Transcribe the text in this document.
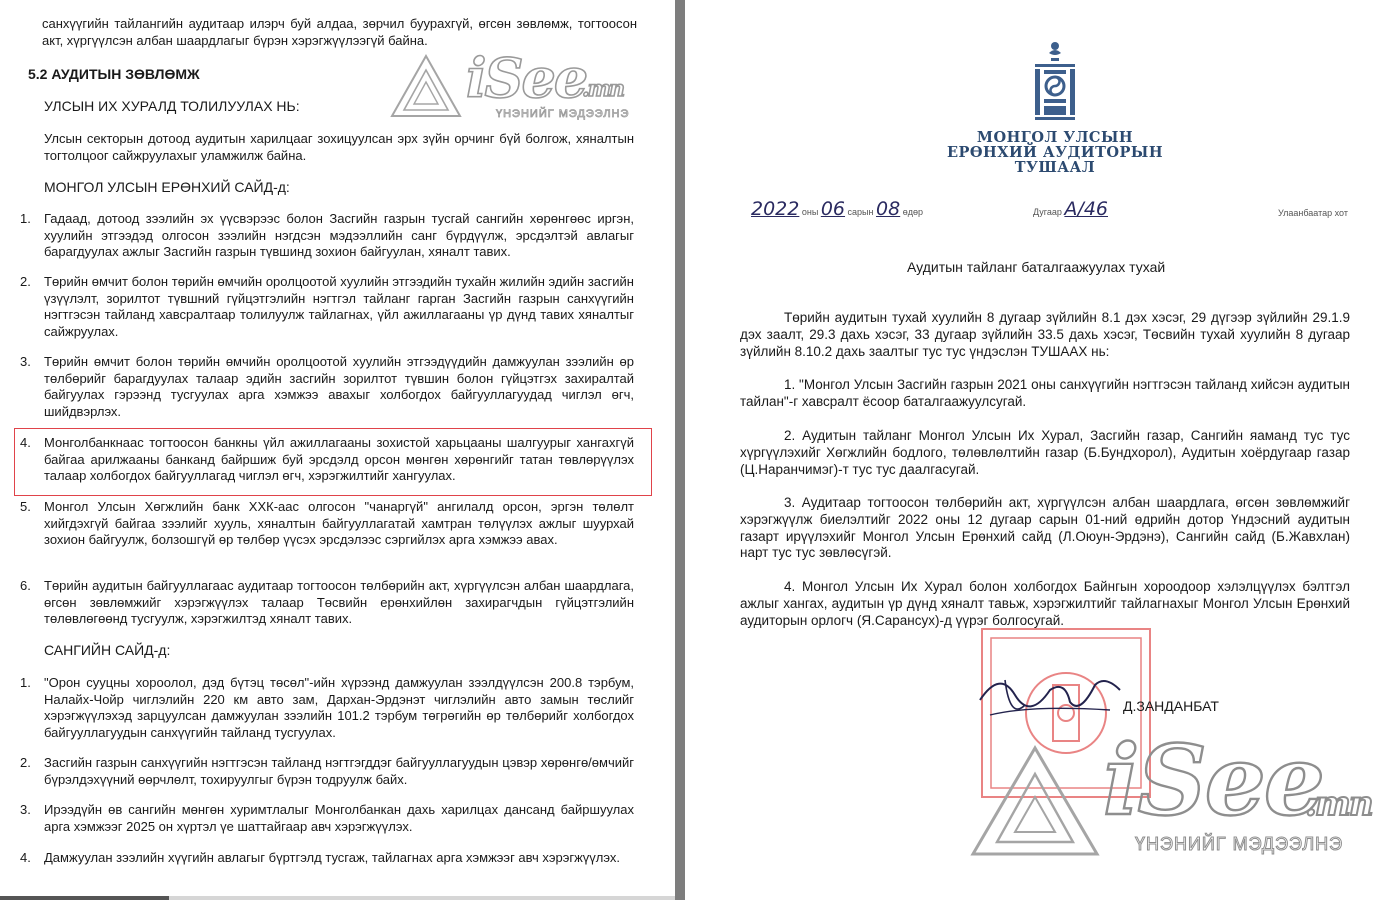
санхүүгийн тайлангийн аудитаар илэрч буй алдаа, зөрчил буурахгүй, өгсөн зөвлөмж, тогтоосон акт, хүргүүлсэн албан шаардлагыг бүрэн хэрэгжүүлээгүй байна.

5.2 АУДИТЫН ЗӨВЛӨМЖ
УЛСЫН ИХ ХУРАЛД ТОЛИЛУУЛАХ НЬ:

Улсын секторын дотоод аудитын харилцааг зохицуулсан эрх зүйн орчинг бүй болгож, хяналтын тогтолцоог сайжруулахыг уламжилж байна.

МОНГОЛ УЛСЫН ЕРӨНХИЙ САЙД-д:
1.	Гадаад, дотоод зээлийн эх үүсвэрээс болон Засгийн газрын тусгай сангийн хөрөнгөөс иргэн, хуулийн этгээдэд олгосон зээлийн нэгдсэн мэдээллийн санг бүрдүүлж, эрсдэлтэй авлагыг барагдуулах ажлыг Засгийн газрын түвшинд зохион байгуулан, хяналт тавих.
2.	Төрийн өмчит болон төрийн өмчийн оролцоотой хуулийн этгээдийн тухайн жилийн эдийн засгийн үзүүлэлт, зорилтот түвшний гүйцэтгэлийн нэгтгэл тайланг гарган Засгийн газрын санхүүгийн нэгтгэсэн тайланд хавсралтаар толилуулж тайлагнах, үйл ажиллагааны үр дүнд тавих хяналтыг сайжруулах.
3.	Төрийн өмчит болон төрийн өмчийн оролцоотой хуулийн этгээдүүдийн дамжуулан зээлийн өр төлбөрийг барагдуулах талаар эдийн засгийн зорилтот түвшин болон гүйцэтгэх захиралтай байгуулах гэрээнд тусгуулах арга хэмжээ авахыг холбогдох байгууллагуудад чиглэл өгч, шийдвэрлэх.
4.	Монголбанкнаас тогтоосон банкны үйл ажиллагааны зохистой харьцааны шалгуурыг хангахгүй байгаа арилжааны банканд байршиж буй эрсдэлд орсон мөнгөн хөрөнгийг татан төвлөрүүлэх талаар холбогдох байгууллагад чиглэл өгч, хэрэгжилтийг хангуулах.
5.	Монгол Улсын Хөгжлийн банк ХХК-аас олгосон "чанаргүй" ангилалд орсон, эргэн төлөлт хийгдэхгүй байгаа зээлийг хууль, хяналтын байгууллагатай хамтран төлүүлэх ажлыг шуурхай зохион байгуулж, болзошгүй өр төлбөр үүсэх эрсдэлээс сэргийлэх арга хэмжээ авах.
6.	Төрийн аудитын байгууллагаас аудитаар тогтоосон төлбөрийн акт, хүргүүлсэн албан шаардлага, өгсөн зөвлөмжийг хэрэгжүүлэх талаар Төсвийн ерөнхийлөн захирагчдын гүйцэтгэлийн төлөвлөгөөнд тусгуулж, хэрэгжилтэд хяналт тавих.
САНГИЙН САЙД-д:
1.	"Орон сууцны хороолол, дэд бүтэц төсөл"-ийн хүрээнд дамжуулан зээлдүүлсэн 200.8 тэрбум, Налайх-Чойр чиглэлийн 220 км авто зам, Дархан-Эрдэнэт чиглэлийн авто замын төслийг хэрэгжүүлэхэд зарцуулсан дамжуулан зээлийн 101.2 тэрбум төгрөгийн өр төлбөрийг холбогдох байгууллагуудын санхүүгийн тайланд тусгуулах.
2.	Засгийн газрын санхүүгийн нэгтгэсэн тайланд нэгтгэгддэг байгууллагуудын цэвэр хөрөнгө/өмчийг бүрэлдэхүүний өөрчлөлт, тохируулгыг бүрэн тодруулж байх.
3.	Ирээдүйн өв сангийн мөнгөн хуримтлалыг Монголбанкан дахь харилцах дансанд байршуулах арга хэмжээг 2025 он хүртэл үе шаттайгаар авч хэрэгжүүлэх.
4.	Дамжуулан зээлийн хүүгийн авлагыг бүртгэлд тусгаж, тайлагнах арга хэмжээг авч хэрэгжүүлэх.
iSee
.mn
ҮНЭНИЙГ МЭДЭЭЛНЭ
МОНГОЛ УЛСЫН
ЕРӨНХИЙ АУДИТОРЫН
ТУШААЛ
2022 оны 06 сарын 08 өдөр	Дугаар А/46	Улаанбаатар хот
Аудитын тайланг баталгаажуулах тухай

Төрийн аудитын тухай хуулийн 8 дугаар зүйлийн 8.1 дэх хэсэг, 29 дүгээр зүйлийн 29.1.9 дэх заалт, 29.3 дахь хэсэг, 33 дугаар зүйлийн 33.5 дахь хэсэг, Төсвийн тухай хуулийн 8 дугаар зүйлийн 8.10.2 дахь заалтыг тус тус үндэслэн ТУШААХ нь:

1. "Монгол Улсын Засгийн газрын 2021 оны санхүүгийн нэгтгэсэн тайланд хийсэн аудитын тайлан"-г хавсралт ёсоор баталгаажуулсугай.

2. Аудитын тайланг Монгол Улсын Их Хурал, Засгийн газар, Сангийн яаманд тус тус хүргүүлэхийг Хөгжлийн бодлого, төлөвлөлтийн газар (Б.Бундхорол), Аудитын хоёрдугаар газар (Ц.Наранчимэг)-т тус тус даалгасугай.

3. Аудитаар тогтоосон төлбөрийн акт, хүргүүлсэн албан шаардлага, өгсөн зөвлөмжийг хэрэгжүүлж биелэлтийг 2022 оны 12 дугаар сарын 01-ний өдрийн дотор Үндэсний аудитын газарт ирүүлэхийг Монгол Улсын Ерөнхий сайд (Л.Оюун-Эрдэнэ), Сангийн сайд (Б.Жавхлан) нарт тус тус зөвлөсүгэй.

4. Монгол Улсын Их Хурал болон холбогдох Байнгын хороодоор хэлэлцүүлэх бэлтгэл ажлыг хангах, аудитын үр дүнд хяналт тавьж, хэрэгжилтийг тайлагнахыг Монгол Улсын Ерөнхий аудиторын орлогч (Я.Сарансух)-д үүрэг болгосугай.

Д.ЗАНДАНБАТ
iSee
.mn
ҮНЭНИЙГ МЭДЭЭЛНЭ
